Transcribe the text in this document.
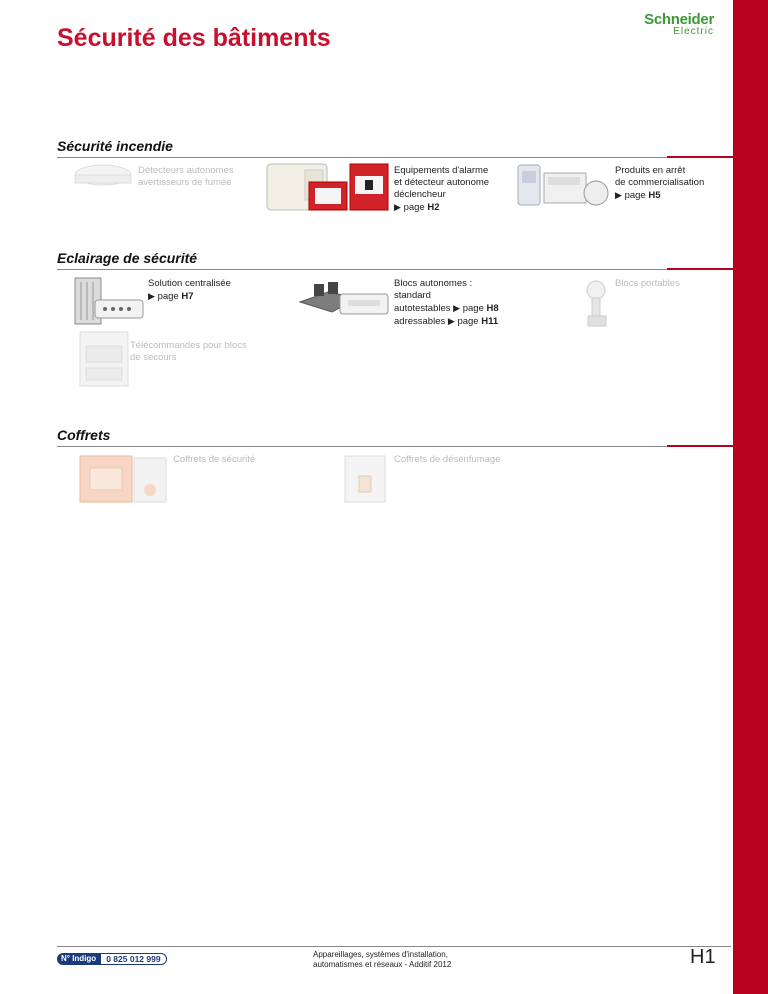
Sécurité des bâtiments
Schneider
Electric
Sécurité incendie
Détecteurs autonomes
avertisseurs de fumée
Equipements d'alarme
et détecteur autonome
déclencheur
▶ page H2
Produits en arrêt
de commercialisation
▶ page H5
Eclairage de sécurité
Solution centralisée
▶ page H7
Blocs autonomes :
standard
autotestables ▶ page H8
adressables ▶ page H11
Blocs portables
Télécommandes pour blocs
de secours
Coffrets
Coffrets de sécurité	Coffrets de désenfumage
N° Indigo	0 825 012 999	Appareillages, systèmes d'installation,
automatismes et réseaux - Additif 2012	H1
